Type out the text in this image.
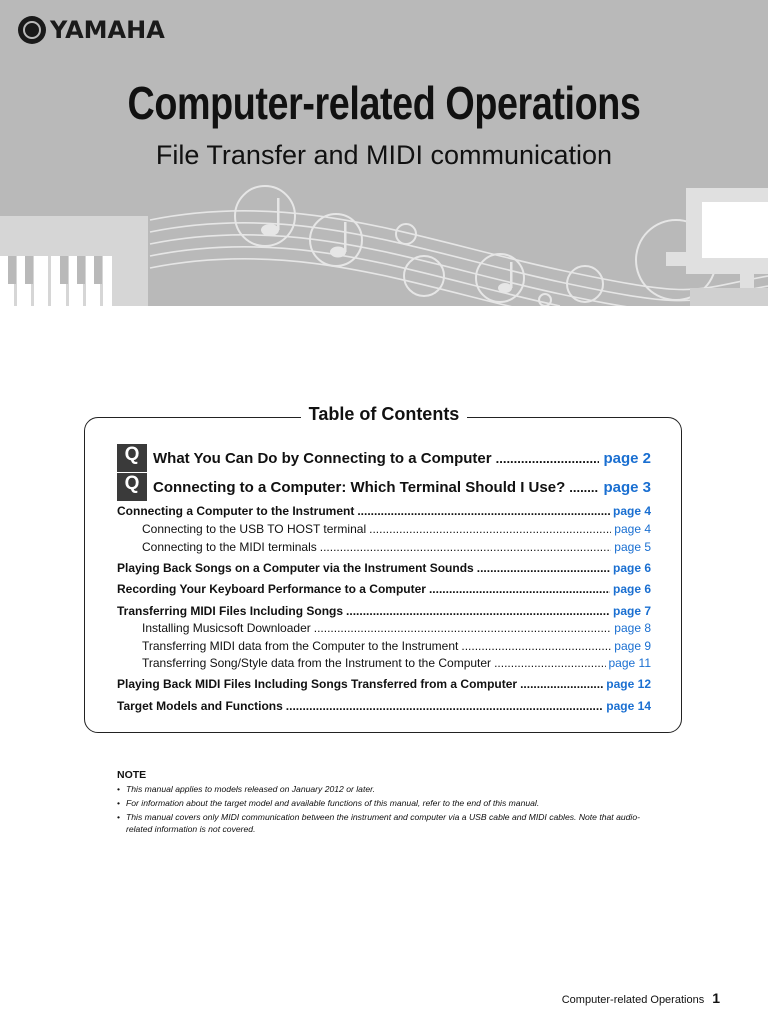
YAMAHA
Computer-related Operations
File Transfer and MIDI communication
Table of Contents
Q What You Can Do by Connecting to a Computer .....	page 2
Q Connecting to a Computer: Which Terminal Should I Use? .....	page 3
Connecting a Computer to the Instrument .....	page 4
Connecting to the USB TO HOST terminal .....	page 4
Connecting to the MIDI terminals .....	page 5
Playing Back Songs on a Computer via the Instrument Sounds .....	page 6
Recording Your Keyboard Performance to a Computer .....	page 6
Transferring MIDI Files Including Songs .....	page 7
Installing Musicsoft Downloader .....	page 8
Transferring MIDI data from the Computer to the Instrument .....	page 9
Transferring Song/Style data from the Instrument to the Computer .....	page 11
Playing Back MIDI Files Including Songs Transferred from a Computer .....	page 12
Target Models and Functions .....	page 14
NOTE
• This manual applies to models released on January 2012 or later.
• For information about the target model and available functions of this manual, refer to the end of this manual.
• This manual covers only MIDI communication between the instrument and computer via a USB cable and MIDI cables. Note that audio-related information is not covered.
Computer-related Operations 1
